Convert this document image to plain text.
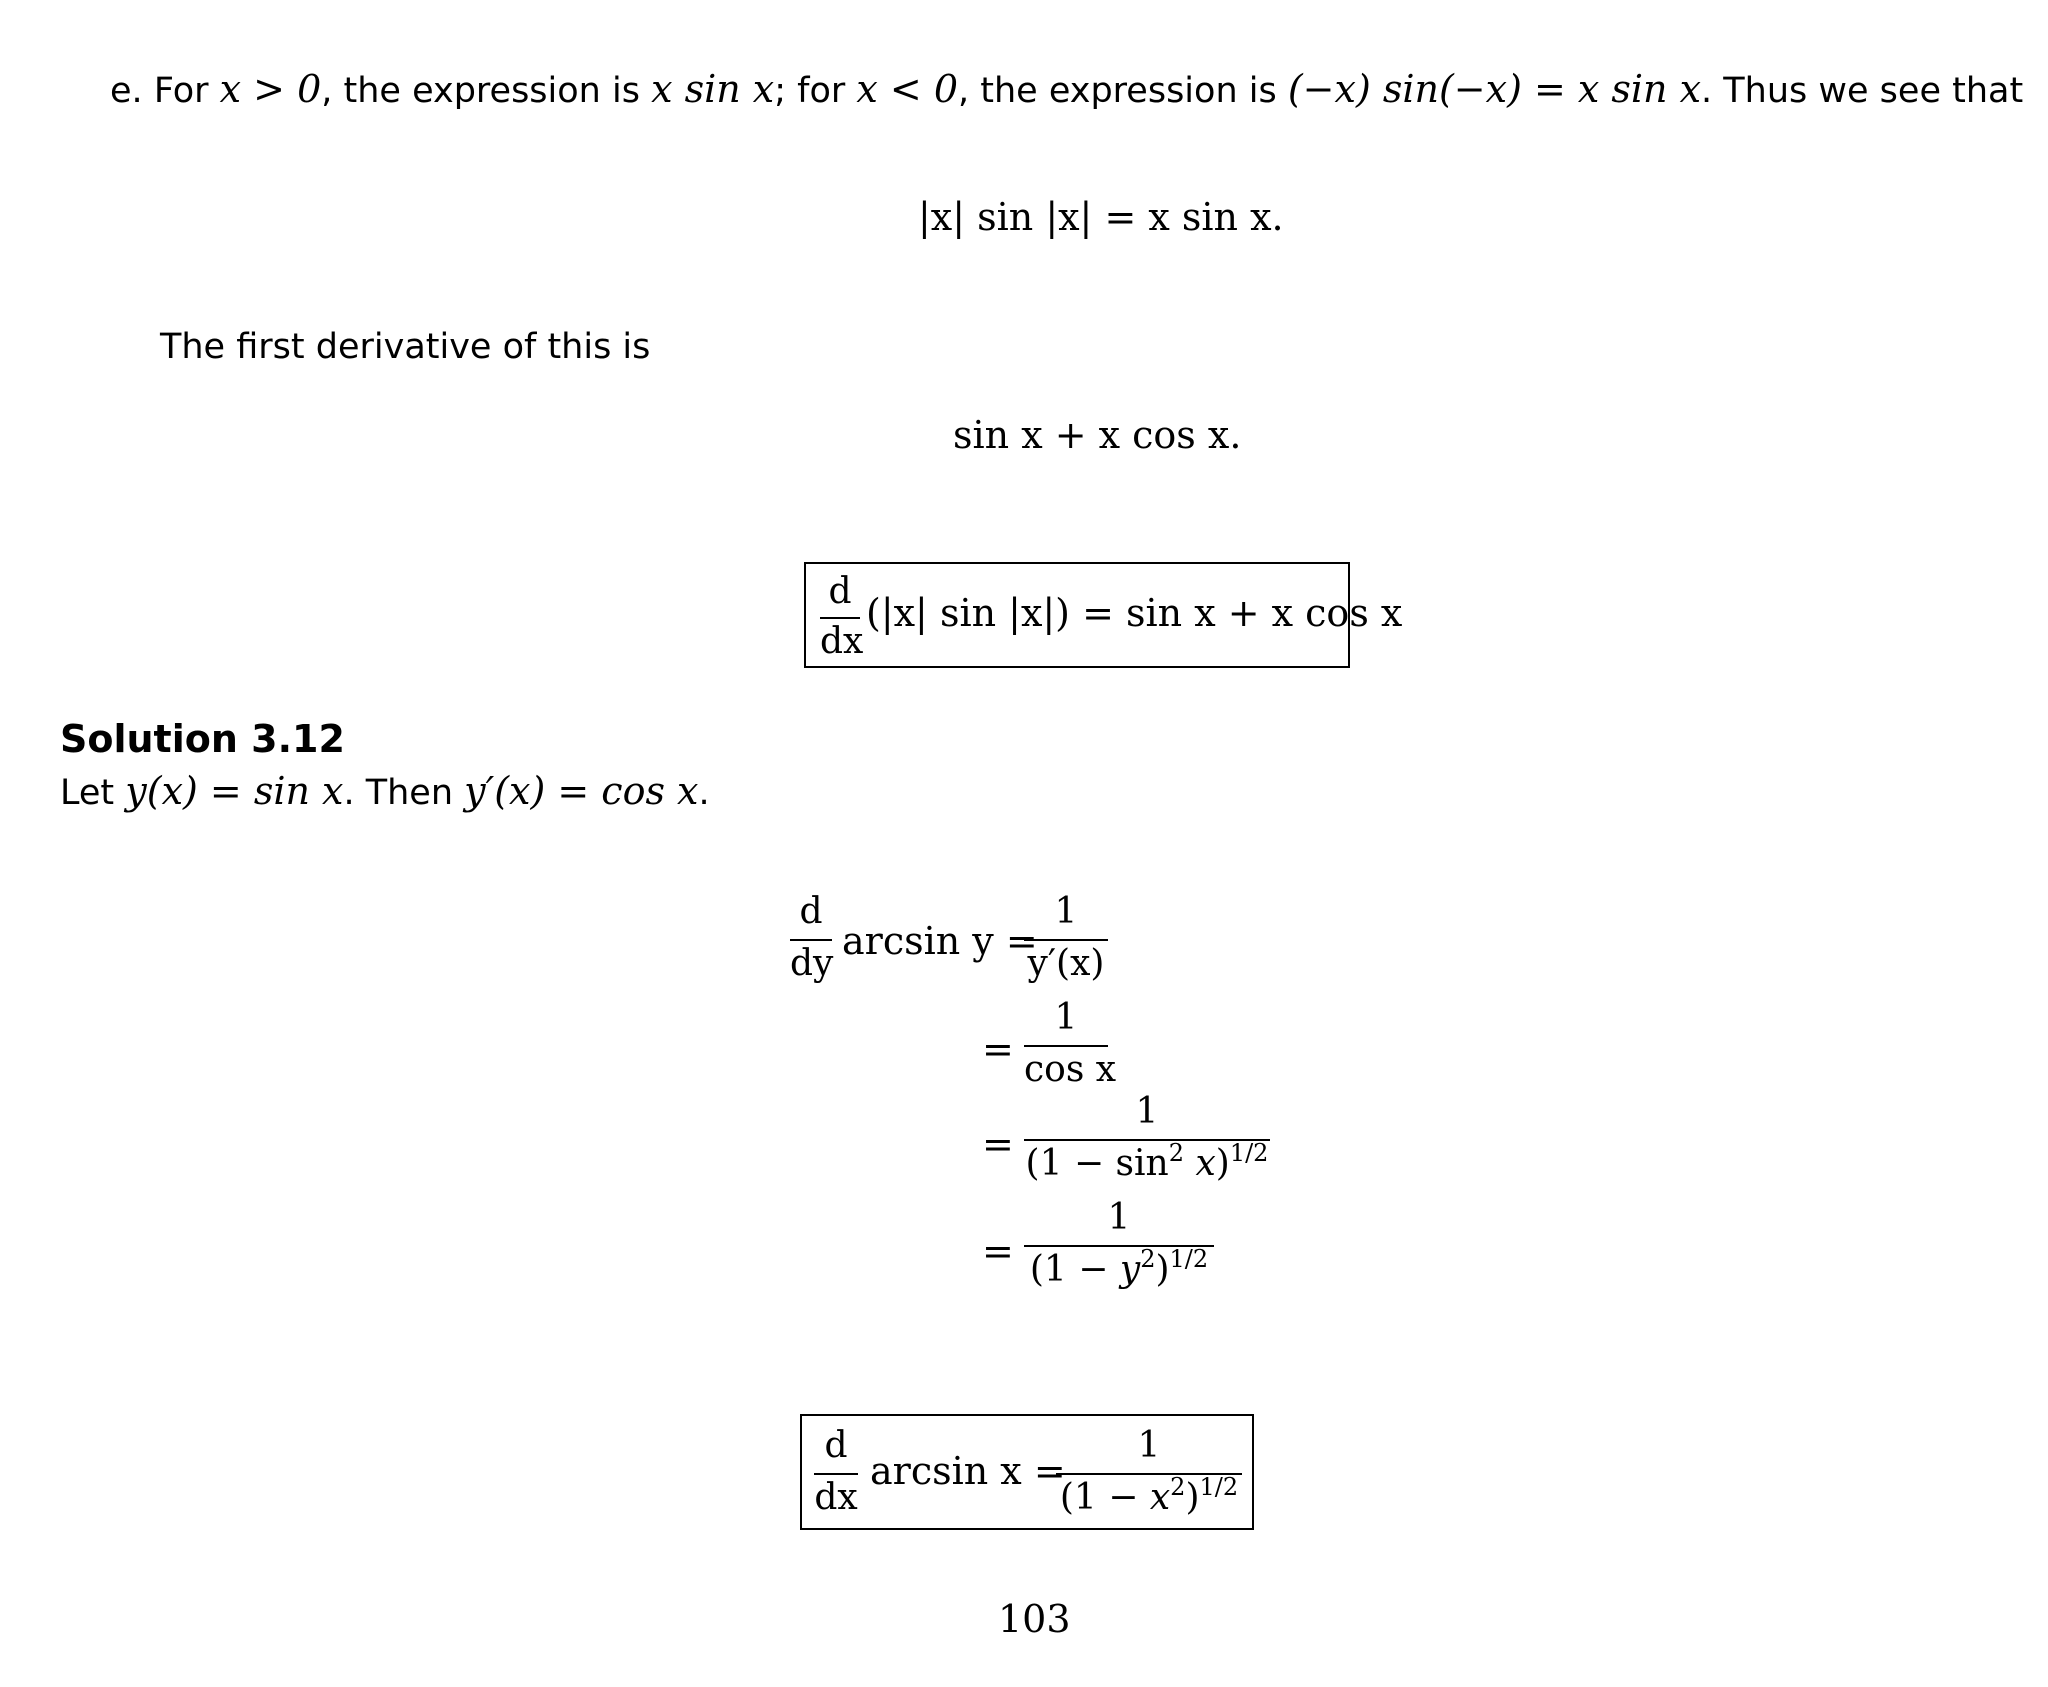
e. For x > 0, the expression is x sin x; for x < 0, the expression is (−x) sin(−x) = x sin x. Thus we see that
|x| sin |x| = x sin x.
The first derivative of this is
sin x + x cos x.
d
dx
(|x| sin |x|) = sin x + x cos x
Solution 3.12
Let y(x) = sin x. Then y′(x) = cos x.
d
dy
arcsin y =
1
y′(x)
=
1
cos x
=
1
$(1 - \sin^2 x)^{1/2}$
=
1
$(1 - y^2)^{1/2}$
d
dx
arcsin x =
1
$(1 - x^2)^{1/2}$
103
